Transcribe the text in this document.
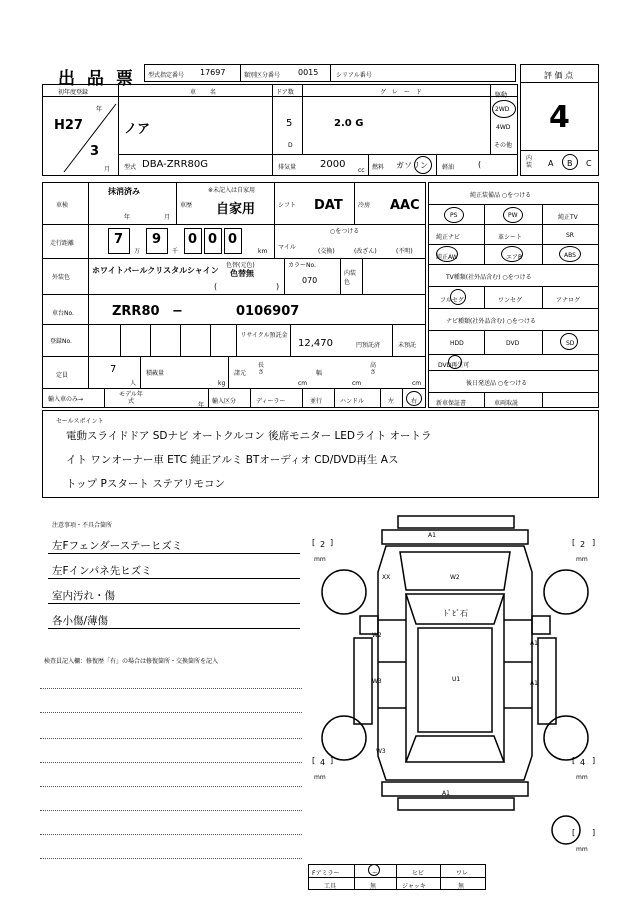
出 品 票 型式指定番号 17697	類別区分番号 0015	シリアル番号	評 価 点
4
内装 A B C
初年度登録
H27
年
3
月
車 名
ノア
ドア数
5
D
グ レ ー ド
2.0 G
駆動
2WD
4WD
その他
型式 DBA-ZRR80G	排気量 2000
cc 燃料 ガソリン 軽油	(
車検
抹消済み
年	月
車歴
※未記入は自家用
自家用	シフト DAT	冷房 AAC
走行距離	7
万
9
千
0 0 0
km
マイル
○をつける
(交換)	(改ざん)	(不明)
外装色
ホワイトパールクリスタルシャイン
色替(元色)
色替無
(	)
カラーNo.
070
内装色
車台No.	ZRR80 −	0106907
登録No.
リサイクル預託金
12,470	円預託済	未預託
定員
7
人
積載量
kg
諸元
長さ
cm
幅
cm
高さ
cm
輸入車のみ→
モデル年式
年
輸入区分	ディーラー	並行	ハンドル	左	右
純正装備品 ○をつける
PS	PW	純正TV
純正ナビ	革シート	SR
純正AW	エアB	ABS
TV種類(社外品含む) ○をつける
フルセグ	ワンセグ	アナログ
ナビ種類(社外品含む) ○をつける
HDD	DVD	SD
DVD再生可
後日発送品 ○をつける
新車保証書	車両取説
セールスポイント
電動スライドドア SDナビ オートクルコン 後席モニター LEDライト オートラ
イト ワンオーナー車 ETC 純正アルミ BTオーディオ CD/DVD再生 Aス
トップ Pスタート ステアリモコン
注意事項・不具合箇所
左Fフェンダーステーヒズミ
左Fインパネ先ヒズミ
室内汚れ・傷
各小傷/薄傷
検査員記入欄：修復歴「有」の場合は修復箇所・交換箇所を記入
A1
A1
XX	W2
ﾄﾞﾋﾞ石
W2
W3
A1
A1
U1
W3
[ 2 ]
mm
[ 2 ]
mm
[ 4 ]
mm
[ 4 ]
mm
[ ]
mm
Fアミラー	ー	ヒビ	ワレ
工具	無	ジャッキ	無
